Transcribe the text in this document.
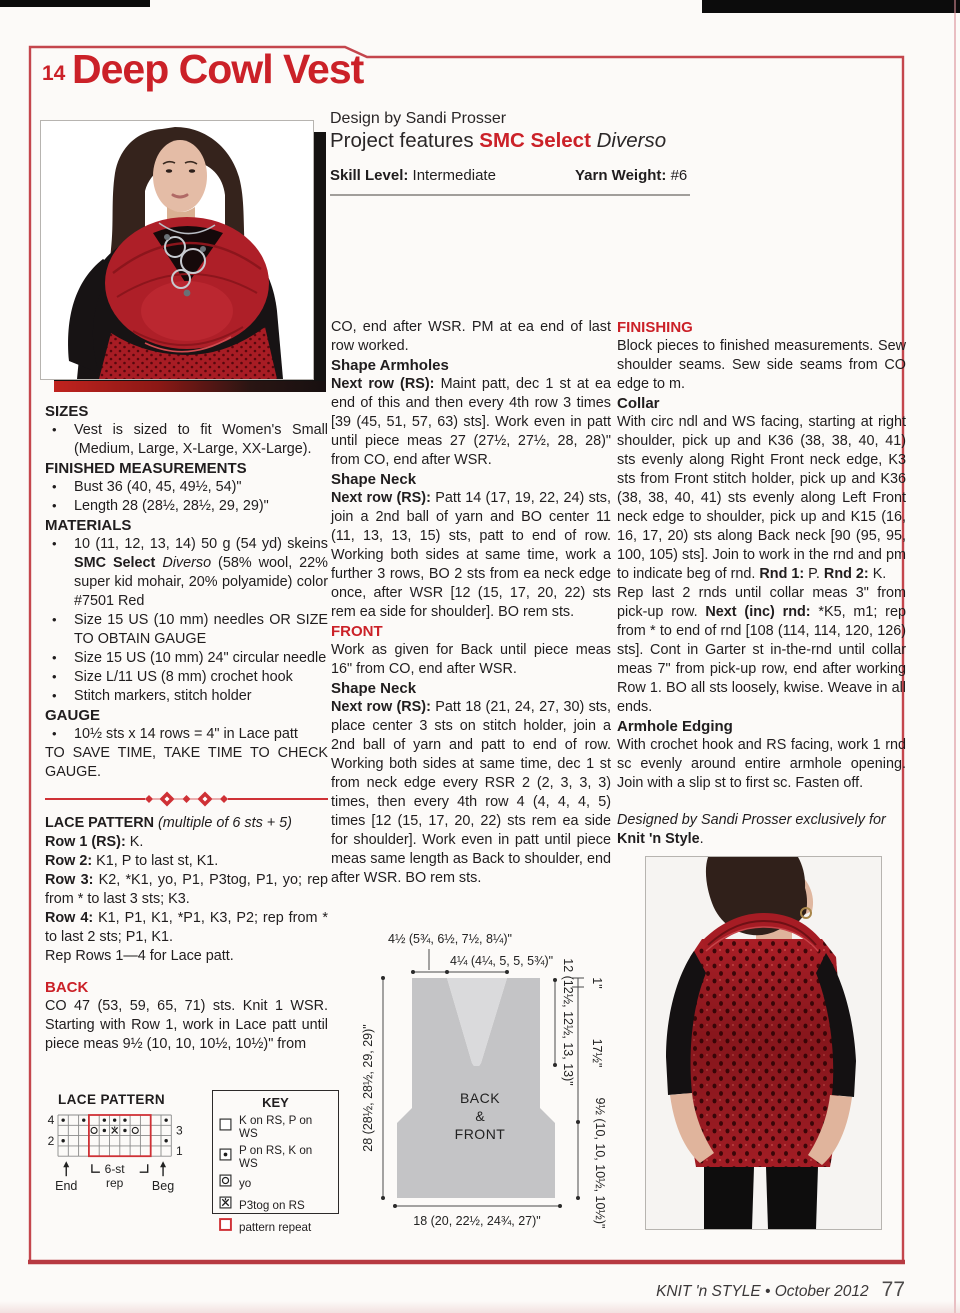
14 Deep Cowl Vest
Design by Sandi Prosser
Project features SMC Select Diverso
Skill Level: Intermediate	Yarn Weight: #6
SIZES
• Vest is sized to fit Women's Small (Medium, Large, X-Large, XX-Large).
FINISHED MEASUREMENTS
• Bust 36 (40, 45, 49½, 54)"
• Length 28 (28½, 28½, 29, 29)"
MATERIALS
• 10 (11, 12, 13, 14) 50 g (54 yd) skeins SMC Select Diverso (58% wool, 22% super kid mohair, 20% polyamide) color #7501 Red
• Size 15 US (10 mm) needles OR SIZE TO OBTAIN GAUGE
• Size 15 US (10 mm) 24" circular needle
• Size L/11 US (8 mm) crochet hook
• Stitch markers, stitch holder
GAUGE
• 10½ sts x 14 rows = 4" in Lace patt
TO SAVE TIME, TAKE TIME TO CHECK GAUGE.
LACE PATTERN (multiple of 6 sts + 5)
Row 1 (RS): K.
Row 2: K1, P to last st, K1.
Row 3: K2, *K1, yo, P1, P3tog, P1, yo; rep from * to last 3 sts; K3.
Row 4: K1, P1, K1, *P1, K3, P2; rep from * to last 2 sts; P1, K1.
Rep Rows 1—4 for Lace patt.
BACK
CO 47 (53, 59, 65, 71) sts. Knit 1 WSR. Starting with Row 1, work in Lace patt until piece meas 9½ (10, 10, 10½, 10½)" from
CO, end after WSR. PM at ea end of last row worked.
Shape Armholes
Next row (RS): Maint patt, dec 1 st at ea end of this and then every 4th row 3 times [39 (45, 51, 57, 63) sts]. Work even in patt until piece meas 27 (27½, 27½, 28, 28)" from CO, end after WSR.
Shape Neck
Next row (RS): Patt 14 (17, 19, 22, 24) sts, join a 2nd ball of yarn and BO center 11 (11, 13, 13, 15) sts, patt to end of row. Working both sides at same time, work a further 3 rows, BO 2 sts from ea neck edge once, after WSR [12 (15, 17, 20, 22) sts rem ea side for shoulder]. BO rem sts.
FRONT
Work as given for Back until piece meas 16" from CO, end after WSR.
Shape Neck
Next row (RS): Patt 18 (21, 24, 27, 30) sts, place center 3 sts on stitch holder, join a 2nd ball of yarn and patt to end of row. Working both sides at same time, dec 1 st from neck edge every RSR 2 (2, 3, 3, 3) times, then every 4th row 4 (4, 4, 4, 5) times [12 (15, 17, 20, 22) sts rem ea side for shoulder]. Work even in patt until piece meas same length as Back to shoulder, end after WSR. BO rem sts.
FINISHING
Block pieces to finished measurements. Sew shoulder seams. Sew side seams from CO edge to m.
Collar
With circ ndl and WS facing, starting at right shoulder, pick up and K36 (38, 38, 40, 41) sts evenly along Right Front neck edge, K3 sts from Front stitch holder, pick up and K36 (38, 38, 40, 41) sts evenly along Left Front neck edge to shoulder, pick up and K15 (16, 16, 17, 20) sts along Back neck [90 (95, 95, 100, 105) sts]. Join to work in the rnd and pm to indicate beg of rnd. Rnd 1: P. Rnd 2: K.
Rep last 2 rnds until collar meas 3" from pick-up row. Next (inc) rnd: *K5, m1; rep from * to end of rnd [108 (114, 114, 120, 126) sts]. Cont in Garter st in-the-rnd until collar meas 7" from pick-up row, end after working Row 1. BO all sts loosely, kwise. Weave in all ends.
Armhole Edging
With crochet hook and RS facing, work 1 rnd sc evenly around entire armhole opening. Join with a slip st to first sc. Fasten off.
Designed by Sandi Prosser exclusively for Knit 'n Style.
LACE PATTERN
4
2
3
1
6-st
rep
End	Beg
KEY
K on RS, P on WS
P on RS, K on WS
yo
P3tog on RS
pattern repeat
4½ (5¾, 6½, 7½, 8¼)"
4¼ (4¼, 5, 5, 5¾)"
28 (28½, 28½, 29, 29)"
12 (12½, 12½, 13, 13)" 1"
17½"
9½ (10, 10, 10½, 10½)"
18 (20, 22½, 24¾, 27)"
BACK
&
FRONT
KNIT 'n STYLE • October 2012 77
